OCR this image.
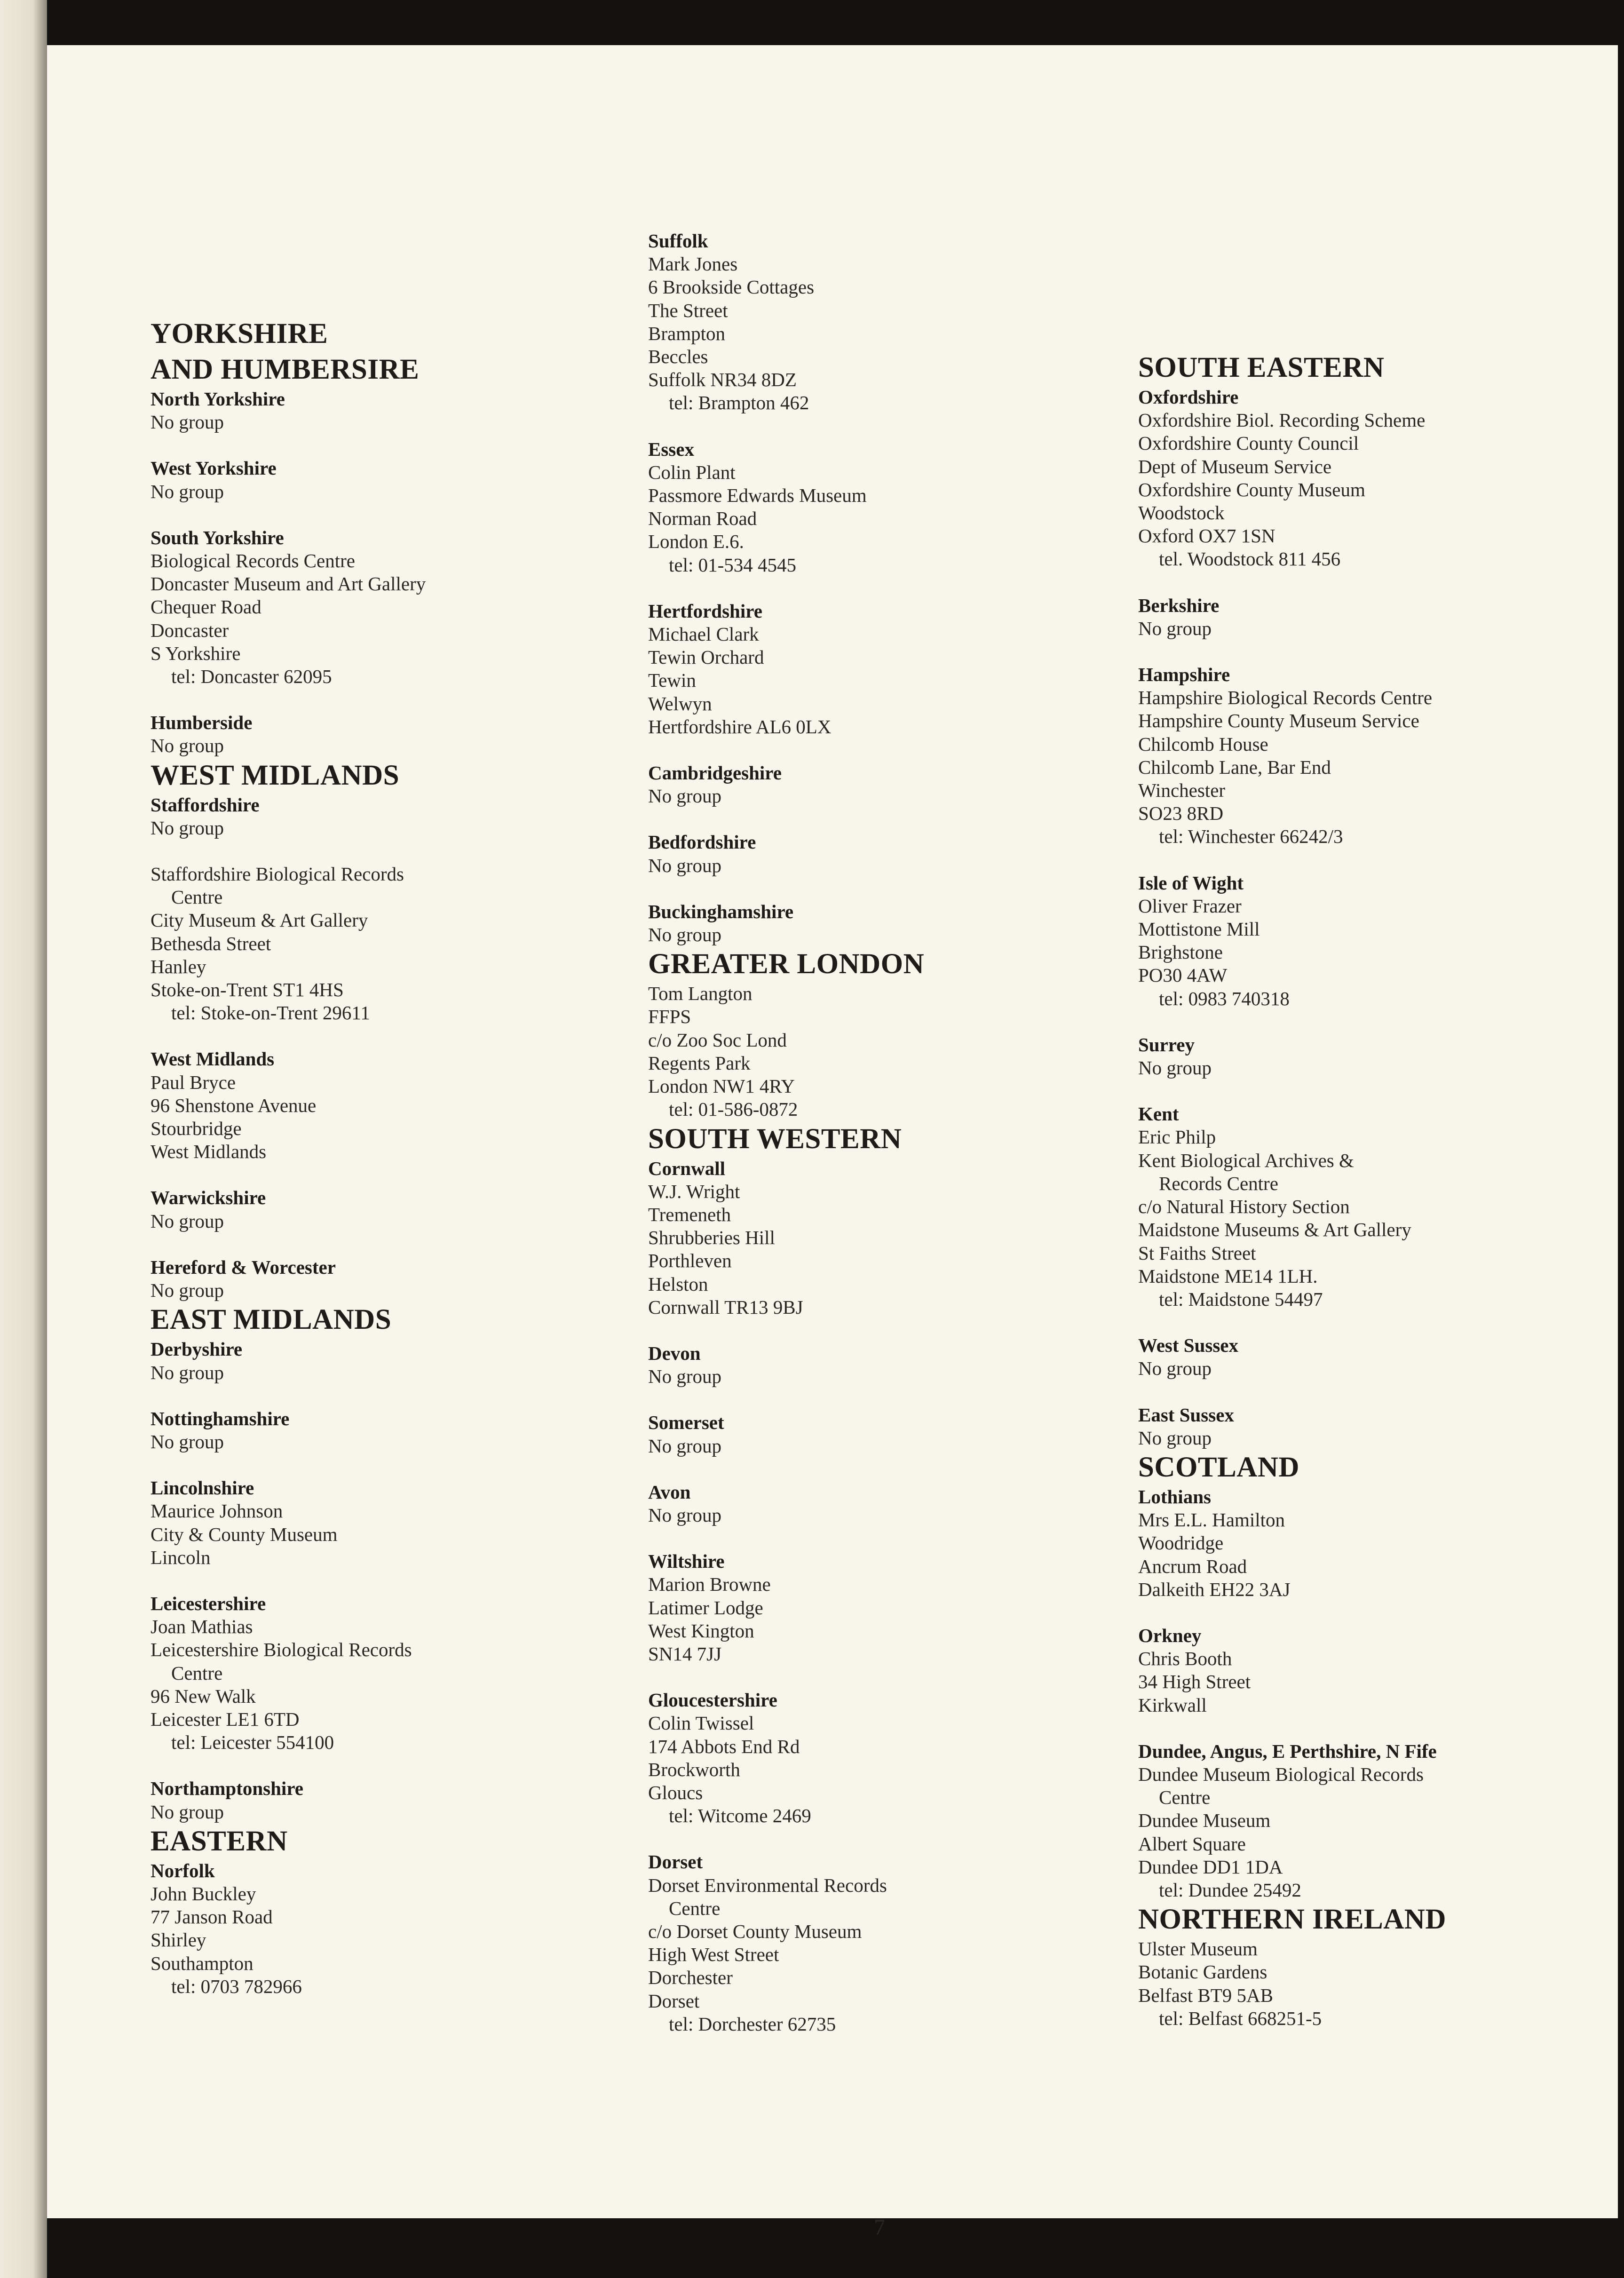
YORKSHIRE
AND HUMBERSIRE
North Yorkshire
No group
West Yorkshire
No group
South Yorkshire
Biological Records Centre
Doncaster Museum and Art Gallery
Chequer Road
Doncaster
S Yorkshire
tel: Doncaster 62095
Humberside
No group
WEST MIDLANDS
Staffordshire
No group
Staffordshire Biological Records
Centre
City Museum & Art Gallery
Bethesda Street
Hanley
Stoke-on-Trent ST1 4HS
tel: Stoke-on-Trent 29611
West Midlands
Paul Bryce
96 Shenstone Avenue
Stourbridge
West Midlands
Warwickshire
No group
Hereford & Worcester
No group
EAST MIDLANDS
Derbyshire
No group
Nottinghamshire
No group
Lincolnshire
Maurice Johnson
City & County Museum
Lincoln
Leicestershire
Joan Mathias
Leicestershire Biological Records
Centre
96 New Walk
Leicester LE1 6TD
tel: Leicester 554100
Northamptonshire
No group
EASTERN
Norfolk
John Buckley
77 Janson Road
Shirley
Southampton
tel: 0703 782966
Suffolk
Mark Jones
6 Brookside Cottages
The Street
Brampton
Beccles
Suffolk NR34 8DZ
tel: Brampton 462
Essex
Colin Plant
Passmore Edwards Museum
Norman Road
London E.6.
tel: 01-534 4545
Hertfordshire
Michael Clark
Tewin Orchard
Tewin
Welwyn
Hertfordshire AL6 0LX
Cambridgeshire
No group
Bedfordshire
No group
Buckinghamshire
No group
GREATER LONDON
Tom Langton
FFPS
c/o Zoo Soc Lond
Regents Park
London NW1 4RY
tel: 01-586-0872
SOUTH WESTERN
Cornwall
W.J. Wright
Tremeneth
Shrubberies Hill
Porthleven
Helston
Cornwall TR13 9BJ
Devon
No group
Somerset
No group
Avon
No group
Wiltshire
Marion Browne
Latimer Lodge
West Kington
SN14 7JJ
Gloucestershire
Colin Twissel
174 Abbots End Rd
Brockworth
Gloucs
tel: Witcome 2469
Dorset
Dorset Environmental Records
Centre
c/o Dorset County Museum
High West Street
Dorchester
Dorset
tel: Dorchester 62735
SOUTH EASTERN
Oxfordshire
Oxfordshire Biol. Recording Scheme
Oxfordshire County Council
Dept of Museum Service
Oxfordshire County Museum
Woodstock
Oxford OX7 1SN
tel. Woodstock 811 456
Berkshire
No group
Hampshire
Hampshire Biological Records Centre
Hampshire County Museum Service
Chilcomb House
Chilcomb Lane, Bar End
Winchester
SO23 8RD
tel: Winchester 66242/3
Isle of Wight
Oliver Frazer
Mottistone Mill
Brighstone
PO30 4AW
tel: 0983 740318
Surrey
No group
Kent
Eric Philp
Kent Biological Archives &
Records Centre
c/o Natural History Section
Maidstone Museums & Art Gallery
St Faiths Street
Maidstone ME14 1LH.
tel: Maidstone 54497
West Sussex
No group
East Sussex
No group
SCOTLAND
Lothians
Mrs E.L. Hamilton
Woodridge
Ancrum Road
Dalkeith EH22 3AJ
Orkney
Chris Booth
34 High Street
Kirkwall
Dundee, Angus, E Perthshire, N Fife
Dundee Museum Biological Records
Centre
Dundee Museum
Albert Square
Dundee DD1 1DA
tel: Dundee 25492
NORTHERN IRELAND
Ulster Museum
Botanic Gardens
Belfast BT9 5AB
tel: Belfast 668251-5
7
